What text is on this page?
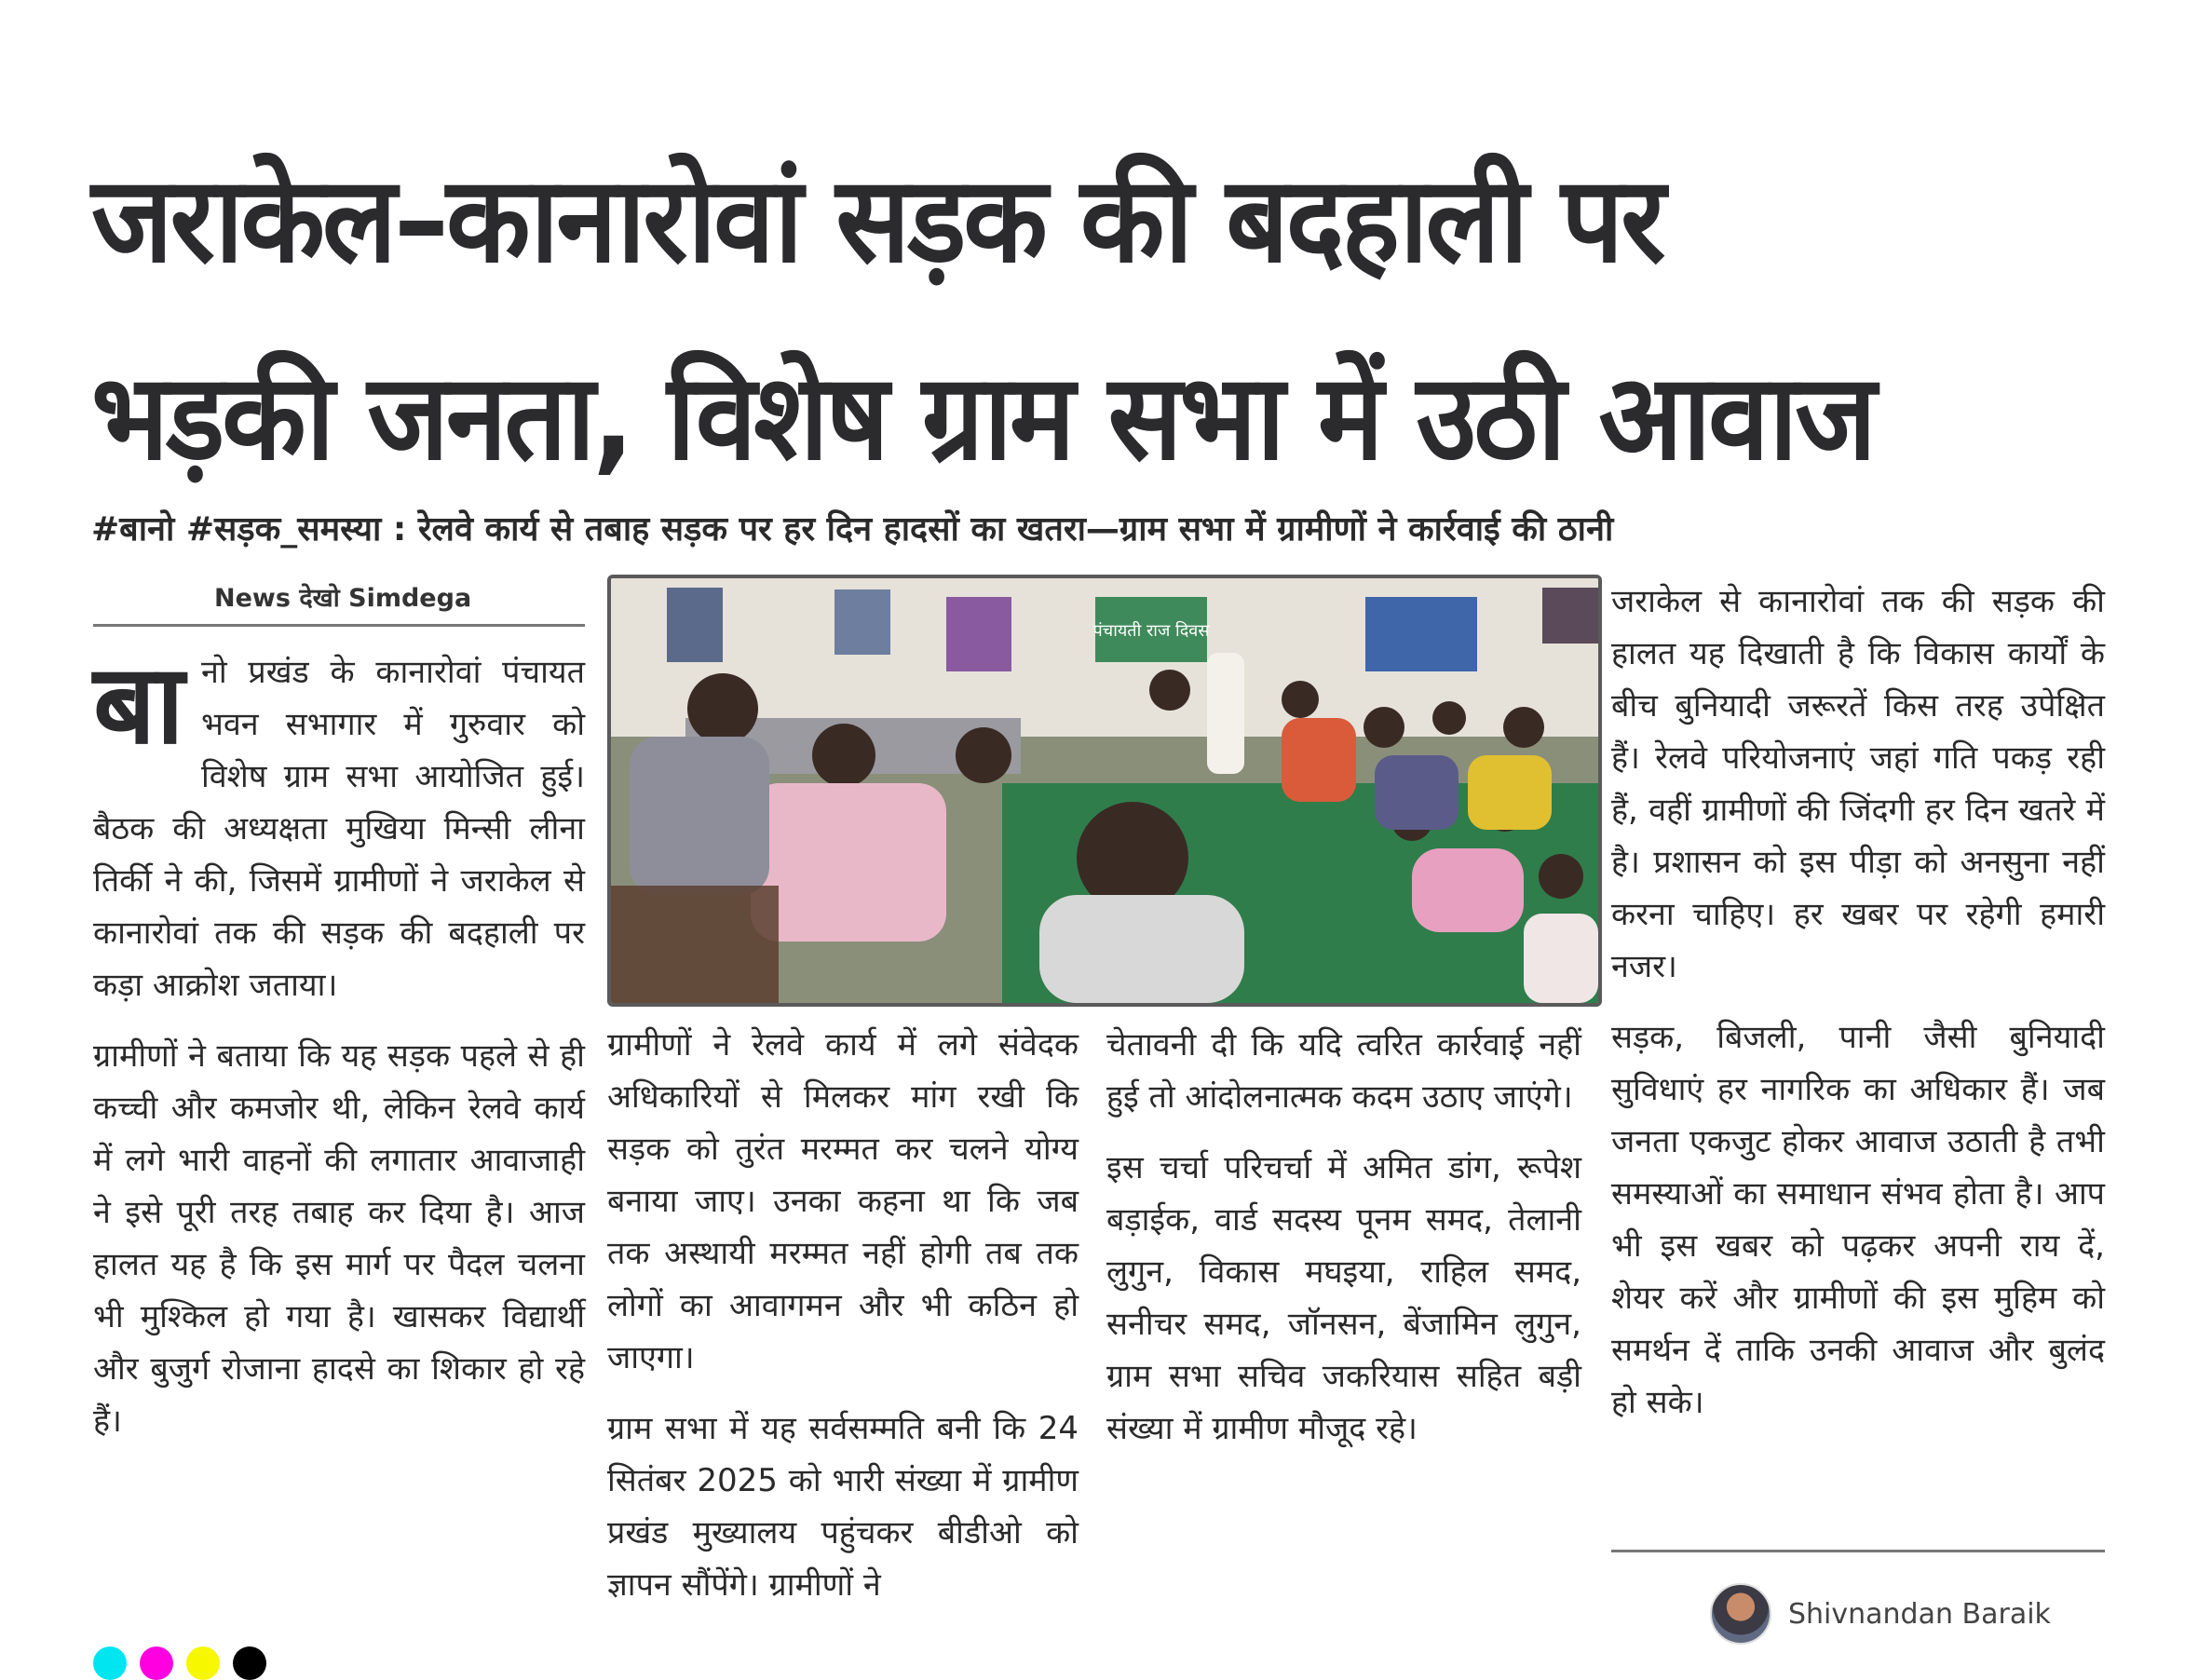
जराकेल–कानारोवां सड़क की बदहाली पर
भड़की जनता, विशेष ग्राम सभा में उठी आवाज
#बानो #सड़क_समस्या : रेलवे कार्य से तबाह सड़क पर हर दिन हादसों का खतरा—ग्राम सभा में ग्रामीणों ने कार्रवाई की ठानी
News देखो Simdega

बा नो प्रखंड के कानारोवां पंचायत भवन सभागार में गुरुवार को विशेष ग्राम सभा आयोजित हुई। बैठक की अध्यक्षता मुखिया मिन्सी लीना तिर्की ने की, जिसमें ग्रामीणों ने जराकेल से कानारोवां तक की सड़क की बदहाली पर कड़ा आक्रोश जताया।

ग्रामीणों ने बताया कि यह सड़क पहले से ही कच्ची और कमजोर थी, लेकिन रेलवे कार्य में लगे भारी वाहनों की लगातार आवाजाही ने इसे पूरी तरह तबाह कर दिया है। आज हालत यह है कि इस मार्ग पर पैदल चलना भी मुश्किल हो गया है। खासकर विद्यार्थी और बुजुर्ग रोजाना हादसे का शिकार हो रहे हैं।

पंचायती राज दिवस

ग्रामीणों ने रेलवे कार्य में लगे संवेदक अधिकारियों से मिलकर मांग रखी कि सड़क को तुरंत मरम्मत कर चलने योग्य बनाया जाए। उनका कहना था कि जब तक अस्थायी मरम्मत नहीं होगी तब तक लोगों का आवागमन और भी कठिन हो जाएगा।

ग्राम सभा में यह सर्वसम्मति बनी कि 24 सितंबर 2025 को भारी संख्या में ग्रामीण प्रखंड मुख्यालय पहुंचकर बीडीओ को ज्ञापन सौंपेंगे। ग्रामीणों ने

चेतावनी दी कि यदि त्वरित कार्रवाई नहीं हुई तो आंदोलनात्मक कदम उठाए जाएंगे।

इस चर्चा परिचर्चा में अमित डांग, रूपेश बड़ाईक, वार्ड सदस्य पूनम समद, तेलानी लुगुन, विकास मघइया, राहिल समद, सनीचर समद, जॉनसन, बेंजामिन लुगुन, ग्राम सभा सचिव जकरियास सहित बड़ी संख्या में ग्रामीण मौजूद रहे।

जराकेल से कानारोवां तक की सड़क की हालत यह दिखाती है कि विकास कार्यों के बीच बुनियादी जरूरतें किस तरह उपेक्षित हैं। रेलवे परियोजनाएं जहां गति पकड़ रही हैं, वहीं ग्रामीणों की जिंदगी हर दिन खतरे में है। प्रशासन को इस पीड़ा को अनसुना नहीं करना चाहिए। हर खबर पर रहेगी हमारी नजर।

सड़क, बिजली, पानी जैसी बुनियादी सुविधाएं हर नागरिक का अधिकार हैं। जब जनता एकजुट होकर आवाज उठाती है तभी समस्याओं का समाधान संभव होता है। आप भी इस खबर को पढ़कर अपनी राय दें, शेयर करें और ग्रामीणों की इस मुहिम को समर्थन दें ताकि उनकी आवाज और बुलंद हो सके।

Shivnandan Baraik
